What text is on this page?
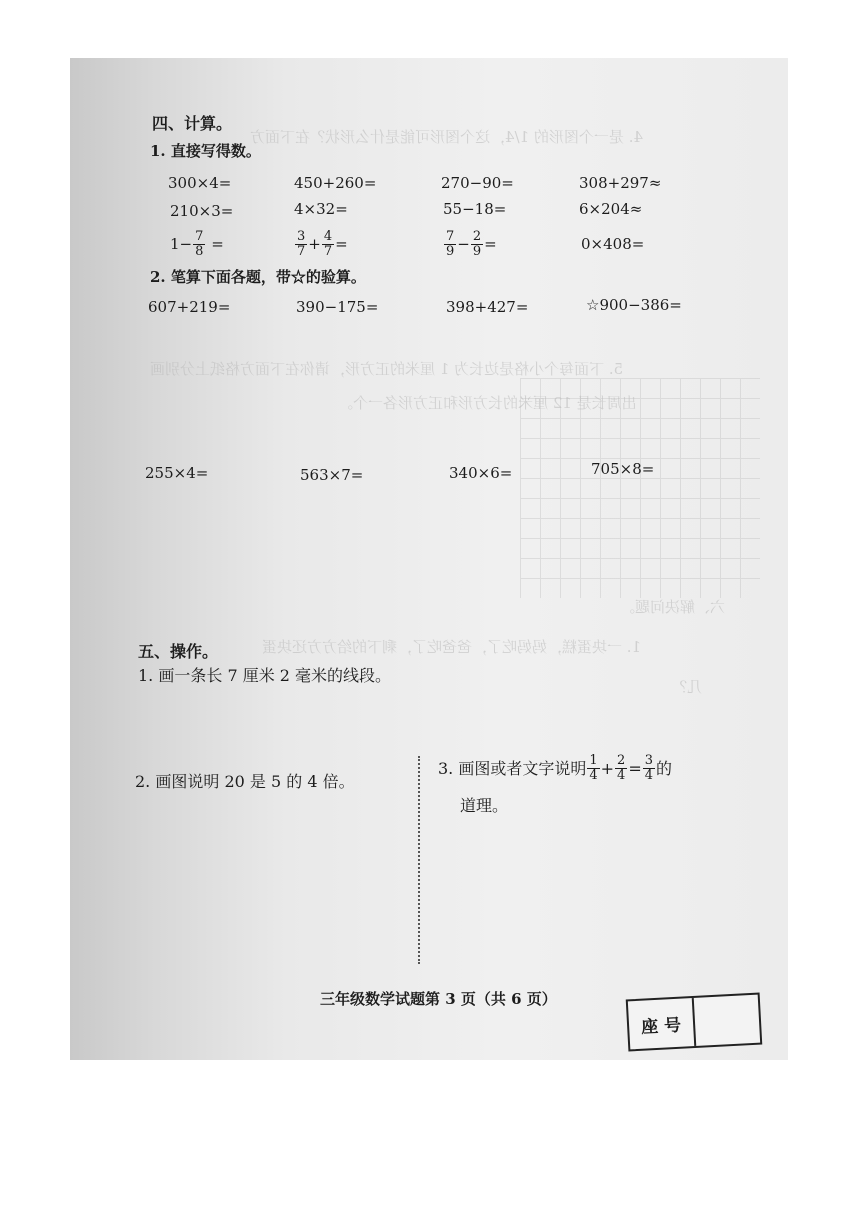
4. 是一个图形的 1/4，这个图形可能是什么形状？在下面方
5. 下面每个小格是边长为 1 厘米的正方形，请你在下面方格纸上分别画
出周长是 12 厘米的长方形和正方形各一个。
六、解决问题。
1. 一块蛋糕，妈妈吃了，爸爸吃了，剩下的给方方还块蛋
几？
四、计算。
1. 直接写得数。
300×4=	450+260=	270−90=	308+297≈
210×3=	4×32=	55−18=	6×204≈
$1- \frac{7}{8}$ =	$\frac{3}{7} + \frac{4}{7}$ =	$\frac{7}{9} - \frac{2}{9}$ =	0×408=
2. 笔算下面各题，带☆的验算。
607+219=	390−175=	398+427=	☆900−386=
255×4=	563×7=	340×6=	705×8=
五、操作。
1. 画一条长 7 厘米 2 毫米的线段。
2. 画图说明 20 是 5 的 4 倍。
3. 画图或者文字说明 $\frac{1}{4} + \frac{2}{4} = \frac{3}{4}$ 的
道理。
三年级数学试题第 3 页（共 6 页）
座 号
